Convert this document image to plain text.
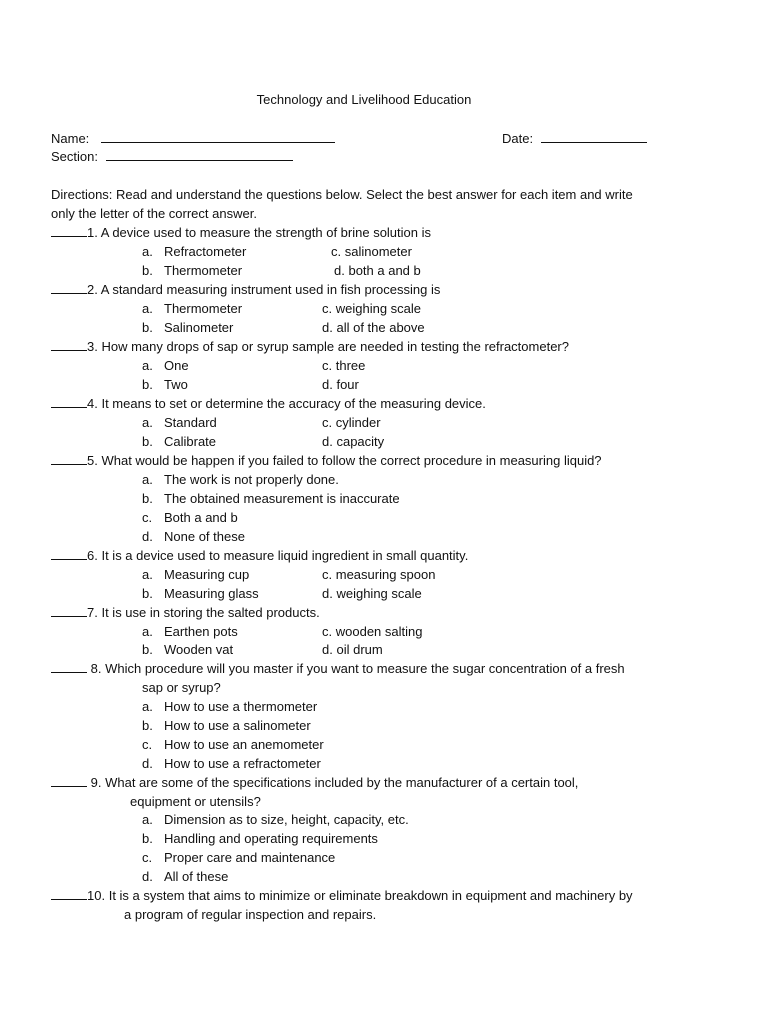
Technology and Livelihood Education
Name:	Date:
Section:
Directions: Read and understand the questions below. Select the best answer for each item and write
only the letter of the correct answer.
1. A device used to measure the strength of brine solution is
a. Refractometer	c. salinometer
b. Thermometer	d. both a and b
2. A standard measuring instrument used in fish processing is
a. Thermometer	c. weighing scale
b. Salinometer	d. all of the above
3. How many drops of sap or syrup sample are needed in testing the refractometer?
a. One	c. three
b. Two	d. four
4. It means to set or determine the accuracy of the measuring device.
a. Standard	c. cylinder
b. Calibrate	d. capacity
5. What would be happen if you failed to follow the correct procedure in measuring liquid?
a. The work is not properly done.
b. The obtained measurement is inaccurate
c. Both a and b
d. None of these
6. It is a device used to measure liquid ingredient in small quantity.
a. Measuring cup	c. measuring spoon
b. Measuring glass	d. weighing scale
7. It is use in storing the salted products.
a. Earthen pots	c. wooden salting
b. Wooden vat	d. oil drum
8. Which procedure will you master if you want to measure the sugar concentration of a fresh
sap or syrup?
a. How to use a thermometer
b. How to use a salinometer
c. How to use an anemometer
d. How to use a refractometer
9. What are some of the specifications included by the manufacturer of a certain tool,
equipment or utensils?
a. Dimension as to size, height, capacity, etc.
b. Handling and operating requirements
c. Proper care and maintenance
d. All of these
10. It is a system that aims to minimize or eliminate breakdown in equipment and machinery by
a program of regular inspection and repairs.
